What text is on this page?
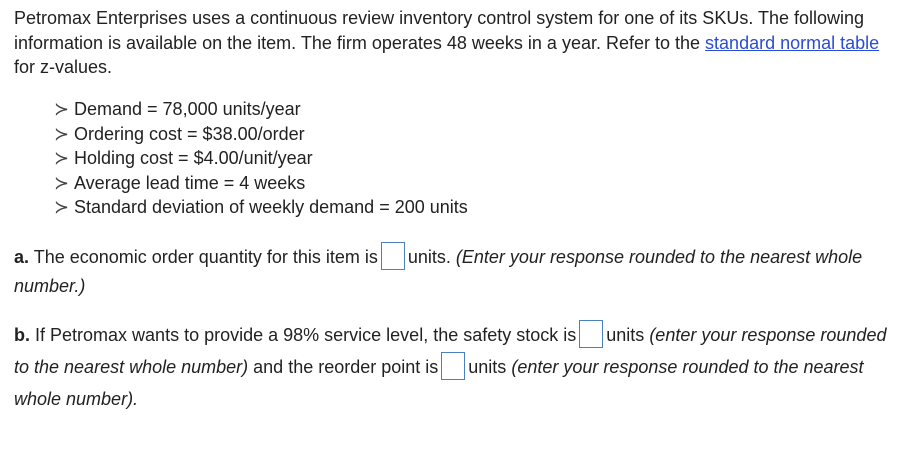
Petromax Enterprises uses a continuous review inventory control system for one of its SKUs. The following information is available on the item. The firm operates 48 weeks in a year. Refer to the standard normal table for z-values.
≻ Demand = 78,000 units/year
≻ Ordering cost = $38.00/order
≻ Holding cost = $4.00/unit/year
≻ Average lead time = 4 weeks
≻ Standard deviation of weekly demand = 200 units
a. The economic order quantity for this item is units. (Enter your response rounded to the nearest whole number.)
b. If Petromax wants to provide a 98% service level, the safety stock is units (enter your response rounded to the nearest whole number) and the reorder point is units (enter your response rounded to the nearest whole number).
